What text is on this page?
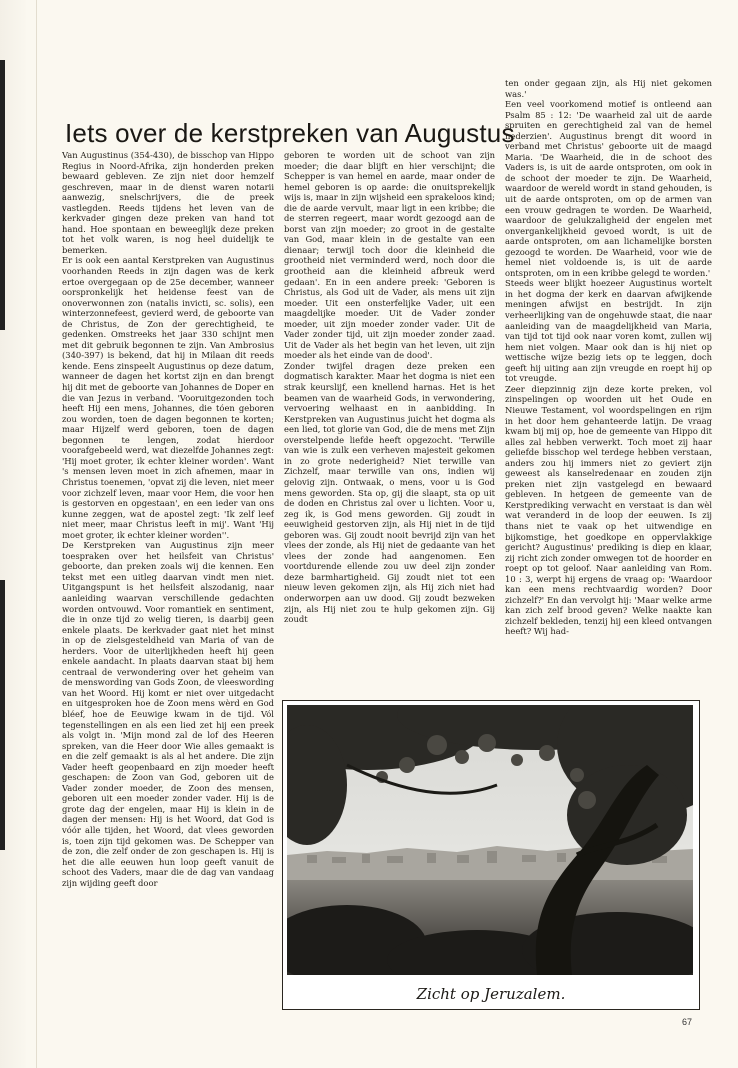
Iets over de kerstpreken van Augustus

Van Augustinus (354-430), de bisschop van Hippo Regius in Noord-Afrika, zijn honderden preken bewaard gebleven. Ze zijn niet door hemzelf geschreven, maar in de dienst waren notarii aanwezig, snelschrijvers, die de preek vastlegden. Reeds tijdens het leven van de kerkvader gingen deze preken van hand tot hand. Hoe spontaan en beweeglijk deze preken tot het volk waren, is nog heel duidelijk te bemerken.

Er is ook een aantal Kerstpreken van Augustinus voorhanden Reeds in zijn dagen was de kerk ertoe overgegaan op de 25e december, wanneer oorspronkelijk het heidense feest van de onoverwonnen zon (natalis invicti, sc. solis), een winterzonnefeest, gevierd werd, de geboorte van de Christus, de Zon der gerechtigheid, te gedenken. Omstreeks het jaar 330 schijnt men met dit gebruik begonnen te zijn. Van Ambrosius (340-397) is bekend, dat hij in Milaan dit reeds kende. Eens zinspeelt Augustinus op deze datum, wanneer de dagen het kortst zijn en dan brengt hij dit met de geboorte van Johannes de Doper en die van Jezus in verband. 'Vooruitgezonden toch heeft Hij een mens, Johannes, die tóen geboren zou worden, toen de dagen begonnen te korten; maar Hijzelf werd geboren, toen de dagen begonnen te lengen, zodat hierdoor voorafgebeeld werd, wat diezelfde Johannes zegt: 'Hij moet groter, ik echter kleiner worden'. Want 's mensen leven moet in zich afnemen, maar in Christus toenemen, 'opvat zij die leven, niet meer voor zichzelf leven, maar voor Hem, die voor hen is gestorven en opgestaan', en een ieder van ons kunne zeggen, wat de apostel zegt: 'Ik zelf leef niet meer, maar Christus leeft in mij'. Want 'Hij moet groter, ik echter kleiner worden''.

De Kerstpreken van Augustinus zijn meer toespraken over het heilsfeit van Christus' geboorte, dan preken zoals wij die kennen. Een tekst met een uitleg daarvan vindt men niet. Uitgangspunt is het heilsfeit alszodanig, naar aanleiding waarvan verschillende gedachten worden ontvouwd. Voor romantiek en sentiment, die in onze tijd zo welig tieren, is daarbij geen enkele plaats. De kerkvader gaat niet het minst in op de zielsgesteldheid van Maria of van de herders. Voor de uiterlijkheden heeft hij geen enkele aandacht. In plaats daarvan staat bij hem centraal de verwondering over het geheim van de menswording van Gods Zoon, de vleeswording van het Woord. Hij komt er niet over uitgedacht en uitgesproken hoe de Zoon mens wèrd en God bléef, hoe de Eeuwige kwam in de tijd. Vól tegenstellingen en als een lied zet hij een preek als volgt in. 'Mijn mond zal de lof des Heeren spreken, van die Heer door Wie alles gemaakt is en die zelf gemaakt is als al het andere. Die zijn Vader heeft geopenbaard en zijn moeder heeft geschapen: de Zoon van God, geboren uit de Vader zonder moeder, de Zoon des mensen, geboren uit een moeder zonder vader. Hij is de grote dag der engelen, maar Hij is klein in de dagen der mensen: Hij is het Woord, dat God is vóór alle tijden, het Woord, dat vlees geworden is, toen zijn tijd gekomen was. De Schepper van de zon, die zelf onder de zon geschapen is. Hij is het die alle eeuwen hun loop geeft vanuit de schoot des Vaders, maar die de dag van vandaag zijn wijding geeft door

geboren te worden uit de schoot van zijn moeder; die daar blijft en hier verschijnt; die Schepper is van hemel en aarde, maar onder de hemel geboren is op aarde: die onuitsprekelijk wijs is, maar in zijn wijsheid een sprakeloos kind; die de aarde vervult, maar ligt in een kribbe; die de sterren regeert, maar wordt gezoogd aan de borst van zijn moeder; zo groot in de gestalte van God, maar klein in de gestalte van een dienaar; terwijl toch door die kleinheid die grootheid niet verminderd werd, noch door die grootheid aan die kleinheid afbreuk werd gedaan'. En in een andere preek: 'Geboren is Christus, als God uit de Vader, als mens uit zijn moeder. Uit een onsterfelijke Vader, uit een maagdelijke moeder. Uit de Vader zonder moeder, uit zijn moeder zonder vader. Uit de Vader zonder tijd, uit zijn moeder zonder zaad. Uit de Vader als het begin van het leven, uit zijn moeder als het einde van de dood'.

Zonder twijfel dragen deze preken een dogmatisch karakter. Maar het dogma is niet een strak keurslijf, een knellend harnas. Het is het beamen van de waarheid Gods, in verwondering, vervoering welhaast en in aanbidding. In Kerstpreken van Augustinus juicht het dogma als een lied, tot glorie van God, die de mens met Zijn overstelpende liefde heeft opgezocht. 'Terwille van wie is zulk een verheven majesteit gekomen in zo grote nederigheid? Niet terwille van Zichzelf, maar terwille van ons, indien wij gelovig zijn. Ontwaak, o mens, voor u is God mens geworden. Sta op, gij die slaapt, sta op uit de doden en Christus zal over u lichten. Voor u, zeg ik, is God mens geworden. Gij zoudt in eeuwigheid gestorven zijn, als Hij niet in de tijd geboren was. Gij zoudt nooit bevrijd zijn van het vlees der zonde, als Hij niet de gedaante van het vlees der zonde had aangenomen. Een voortdurende ellende zou uw deel zijn zonder deze barmhartigheid. Gij zoudt niet tot een nieuw leven gekomen zijn, als Hij zich niet had onderworpen aan uw dood. Gij zoudt bezweken zijn, als Hij niet zou te hulp gekomen zijn. Gij zoudt

ten onder gegaan zijn, als Hij niet gekomen was.'

Een veel voorkomend motief is ontleend aan Psalm 85 : 12: 'De waarheid zal uit de aarde spruiten en gerechtigheid zal van de hemel nederzien'. Augustinus brengt dit woord in verband met Christus' geboorte uit de maagd Maria. 'De Waarheid, die in de schoot des Vaders is, is uit de aarde ontsproten, om ook in de schoot der moeder te zijn. De Waarheid, waardoor de wereld wordt in stand gehouden, is uit de aarde ontsproten, om op de armen van een vrouw gedragen te worden. De Waarheid, waardoor de gelukzaligheid der engelen met onvergankelijkheid gevoed wordt, is uit de aarde ontsproten, om aan lichamelijke borsten gezoogd te worden. De Waarheid, voor wie de hemel niet voldoende is, is uit de aarde ontsproten, om in een kribbe gelegd te worden.'

Steeds weer blijkt hoezeer Augustinus wortelt in het dogma der kerk en daarvan afwijkende meningen afwijst en bestrijdt. In zijn verheerlijking van de ongehuwde staat, die naar aanleiding van de maagdelijkheid van Maria, van tijd tot tijd ook naar voren komt, zullen wij hem niet volgen. Maar ook dan is hij niet op wettische wijze bezig iets op te leggen, doch geeft hij uiting aan zijn vreugde en roept hij op tot vreugde.

Zeer diepzinnig zijn deze korte preken, vol zinspelingen op woorden uit het Oude en Nieuwe Testament, vol woordspelingen en rijm in het door hem gehanteerde latijn. De vraag kwam bij mij op, hoe de gemeente van Hippo dit alles zal hebben verwerkt. Toch moet zij haar geliefde bisschop wel terdege hebben verstaan, anders zou hij immers niet zo geviert zijn geweest als kanselredenaar en zouden zijn preken niet zijn vastgelegd en bewaard gebleven. In hetgeen de gemeente van de Kerstprediking verwacht en verstaat is dan wèl wat veranderd in de loop der eeuwen. Is zij thans niet te vaak op het uitwendige en bijkomstige, het goedkope en oppervlakkige gericht? Augustinus' prediking is diep en klaar, zij richt zich zonder omwegen tot de hoorder en roept op tot geloof. Naar aanleiding van Rom. 10 : 3, werpt hij ergens de vraag op: 'Waardoor kan een mens rechtvaardig worden? Door zichzelf?' En dan vervolgt hij: 'Maar welke arme kan zich zelf brood geven? Welke naakte kan zichzelf bekleden, tenzij hij een kleed ontvangen heeft? Wij had-

Zicht op Jeruzalem.
67
